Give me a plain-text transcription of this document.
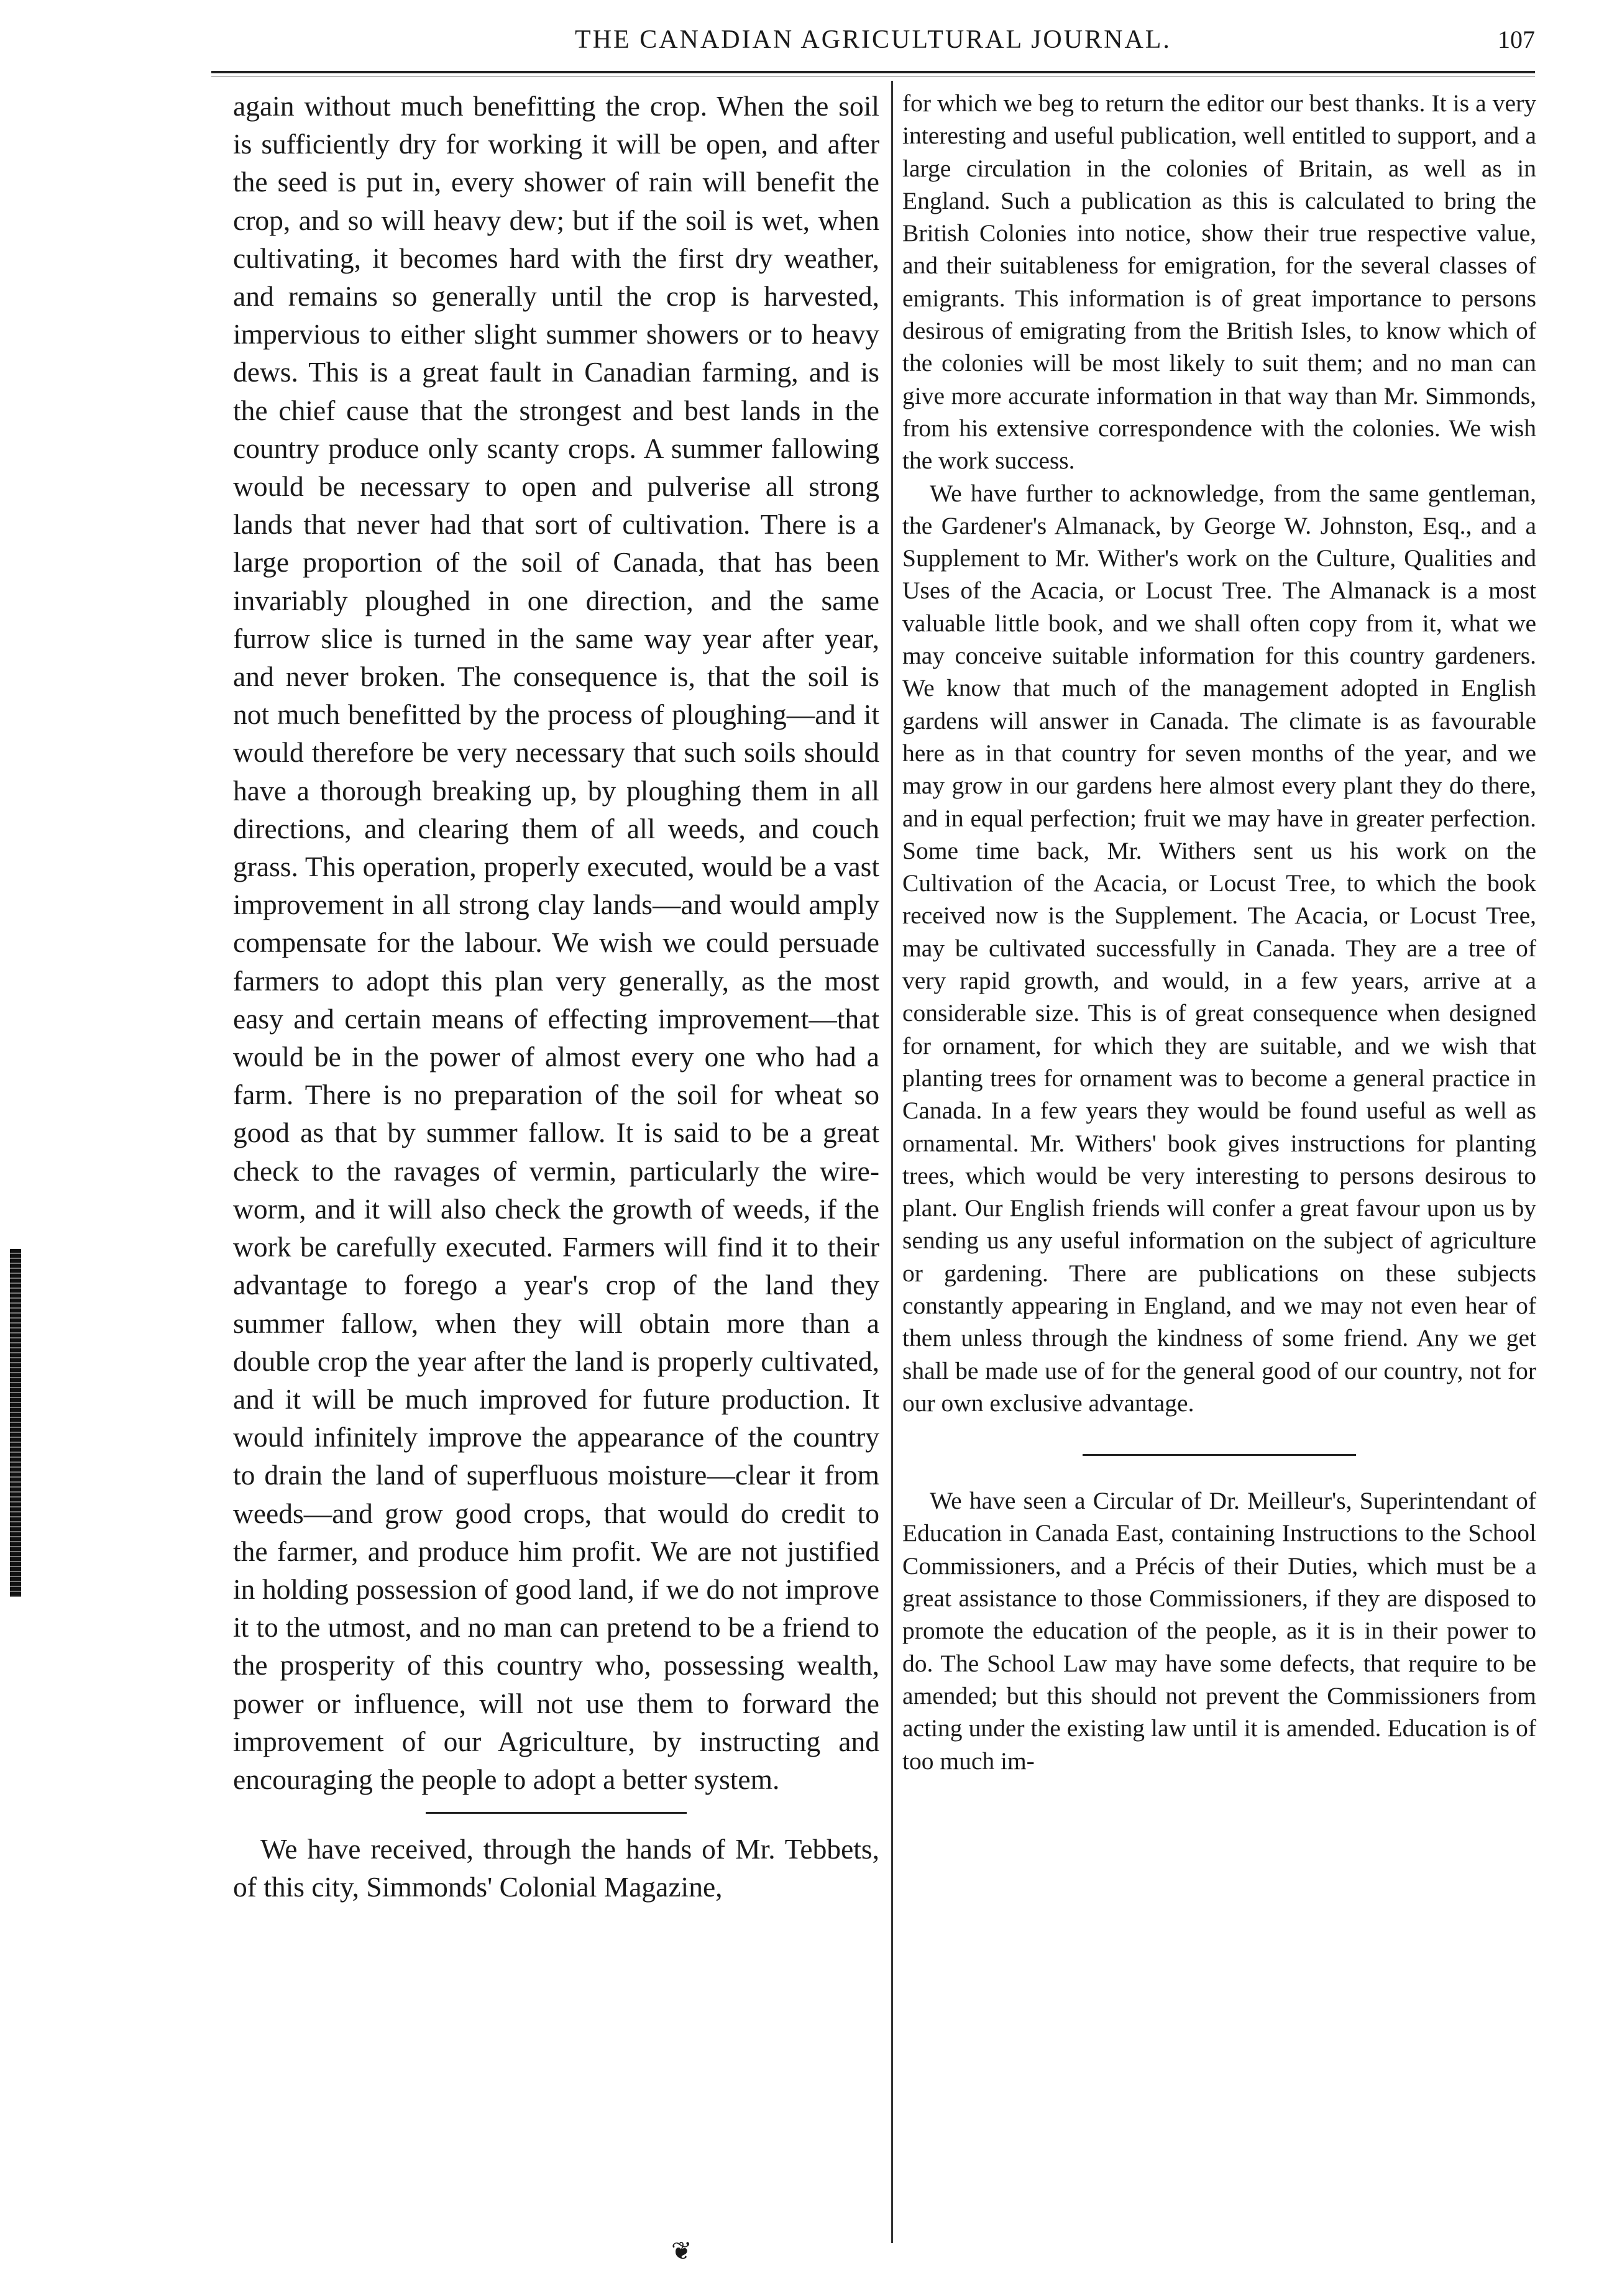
THE CANADIAN AGRICULTURAL JOURNAL.	107

again without much benefitting the crop. When the soil is sufficiently dry for working it will be open, and after the seed is put in, every shower of rain will benefit the crop, and so will heavy dew; but if the soil is wet, when cultivating, it becomes hard with the first dry weather, and remains so generally until the crop is harvested, impervious to either slight summer showers or to heavy dews. This is a great fault in Canadian farming, and is the chief cause that the strongest and best lands in the country produce only scanty crops. A summer fallowing would be necessary to open and pulverise all strong lands that never had that sort of cultivation. There is a large proportion of the soil of Canada, that has been invariably ploughed in one direction, and the same furrow slice is turned in the same way year after year, and never broken. The consequence is, that the soil is not much benefitted by the process of ploughing—and it would therefore be very necessary that such soils should have a thorough breaking up, by ploughing them in all directions, and clearing them of all weeds, and couch grass. This operation, properly executed, would be a vast improvement in all strong clay lands—and would amply compensate for the labour. We wish we could persuade farmers to adopt this plan very generally, as the most easy and certain means of effecting improvement—that would be in the power of almost every one who had a farm. There is no preparation of the soil for wheat so good as that by summer fallow. It is said to be a great check to the ravages of vermin, particularly the wire-worm, and it will also check the growth of weeds, if the work be carefully executed. Farmers will find it to their advantage to forego a year's crop of the land they summer fallow, when they will obtain more than a double crop the year after the land is properly cultivated, and it will be much improved for future production. It would infinitely improve the appearance of the country to drain the land of superfluous moisture—clear it from weeds—and grow good crops, that would do credit to the farmer, and produce him profit. We are not justified in holding possession of good land, if we do not improve it to the utmost, and no man can pretend to be a friend to the prosperity of this country who, possessing wealth, power or influence, will not use them to forward the improvement of our Agriculture, by instructing and encouraging the people to adopt a better system.

We have received, through the hands of Mr. Tebbets, of this city, Simmonds' Colonial Magazine,

for which we beg to return the editor our best thanks. It is a very interesting and useful publication, well entitled to support, and a large circulation in the colonies of Britain, as well as in England. Such a publication as this is calculated to bring the British Colonies into notice, show their true respective value, and their suitableness for emigration, for the several classes of emigrants. This information is of great importance to persons desirous of emigrating from the British Isles, to know which of the colonies will be most likely to suit them; and no man can give more accurate information in that way than Mr. Simmonds, from his extensive correspondence with the colonies. We wish the work success.

We have further to acknowledge, from the same gentleman, the Gardener's Almanack, by George W. Johnston, Esq., and a Supplement to Mr. Wither's work on the Culture, Qualities and Uses of the Acacia, or Locust Tree. The Almanack is a most valuable little book, and we shall often copy from it, what we may conceive suitable information for this country gardeners. We know that much of the management adopted in English gardens will answer in Canada. The climate is as favourable here as in that country for seven months of the year, and we may grow in our gardens here almost every plant they do there, and in equal perfection; fruit we may have in greater perfection. Some time back, Mr. Withers sent us his work on the Cultivation of the Acacia, or Locust Tree, to which the book received now is the Supplement. The Acacia, or Locust Tree, may be cultivated successfully in Canada. They are a tree of very rapid growth, and would, in a few years, arrive at a considerable size. This is of great consequence when designed for ornament, for which they are suitable, and we wish that planting trees for ornament was to become a general practice in Canada. In a few years they would be found useful as well as ornamental. Mr. Withers' book gives instructions for planting trees, which would be very interesting to persons desirous to plant. Our English friends will confer a great favour upon us by sending us any useful information on the subject of agriculture or gardening. There are publications on these subjects constantly appearing in England, and we may not even hear of them unless through the kindness of some friend. Any we get shall be made use of for the general good of our country, not for our own exclusive advantage.

We have seen a Circular of Dr. Meilleur's, Superintendant of Education in Canada East, containing Instructions to the School Commissioners, and a Précis of their Duties, which must be a great assistance to those Commissioners, if they are disposed to promote the education of the people, as it is in their power to do. The School Law may have some defects, that require to be amended; but this should not prevent the Commissioners from acting under the existing law until it is amended. Education is of too much im-

❦
